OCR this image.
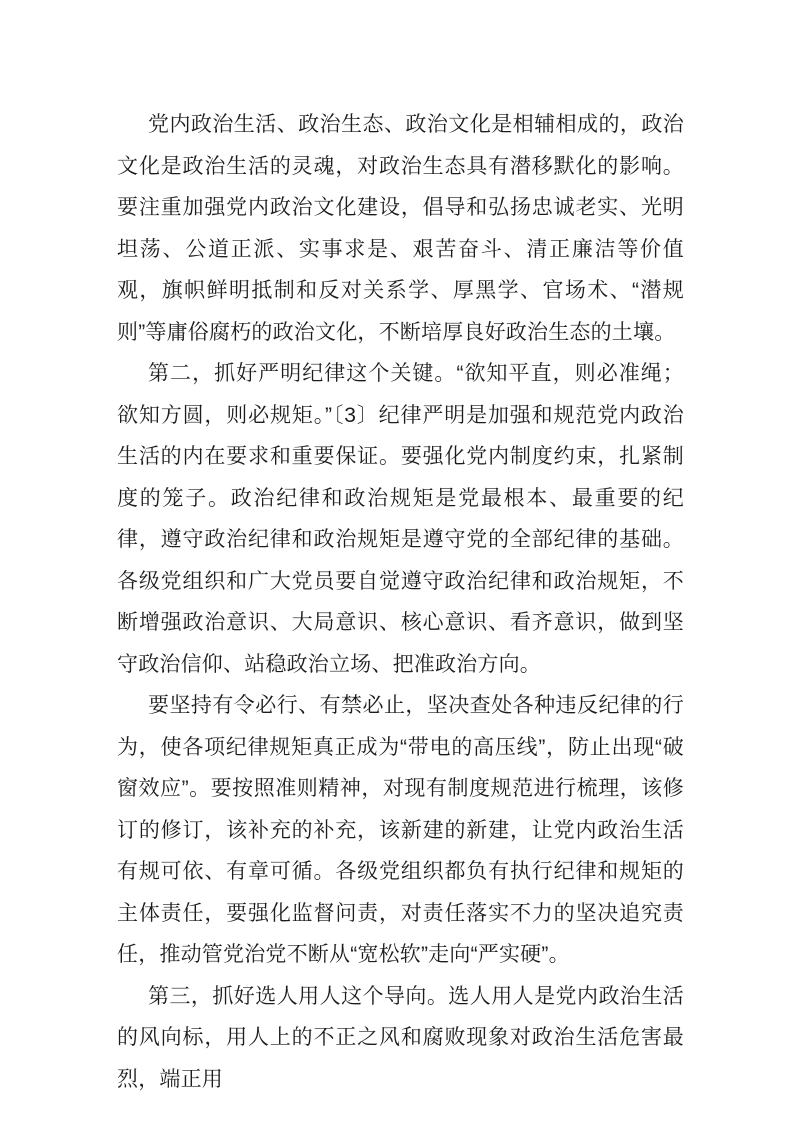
党内政治生活、政治生态、政治文化是相辅相成的，政治文化是政治生活的灵魂，对政治生态具有潜移默化的影响。要注重加强党内政治文化建设，倡导和弘扬忠诚老实、光明坦荡、公道正派、实事求是、艰苦奋斗、清正廉洁等价值观，旗帜鲜明抵制和反对关系学、厚黑学、官场术、“潜规则”等庸俗腐朽的政治文化，不断培厚良好政治生态的土壤。

第二，抓好严明纪律这个关键。“欲知平直，则必准绳；欲知方圆，则必规矩。”〔3〕纪律严明是加强和规范党内政治生活的内在要求和重要保证。要强化党内制度约束，扎紧制度的笼子。政治纪律和政治规矩是党最根本、最重要的纪律，遵守政治纪律和政治规矩是遵守党的全部纪律的基础。各级党组织和广大党员要自觉遵守政治纪律和政治规矩，不断增强政治意识、大局意识、核心意识、看齐意识，做到坚守政治信仰、站稳政治立场、把准政治方向。

要坚持有令必行、有禁必止，坚决查处各种违反纪律的行为，使各项纪律规矩真正成为“带电的高压线”，防止出现“破窗效应”。要按照准则精神，对现有制度规范进行梳理，该修订的修订，该补充的补充，该新建的新建，让党内政治生活有规可依、有章可循。各级党组织都负有执行纪律和规矩的主体责任，要强化监督问责，对责任落实不力的坚决追究责任，推动管党治党不断从“宽松软”走向“严实硬”。

第三，抓好选人用人这个导向。选人用人是党内政治生活的风向标，用人上的不正之风和腐败现象对政治生活危害最烈，端正用
